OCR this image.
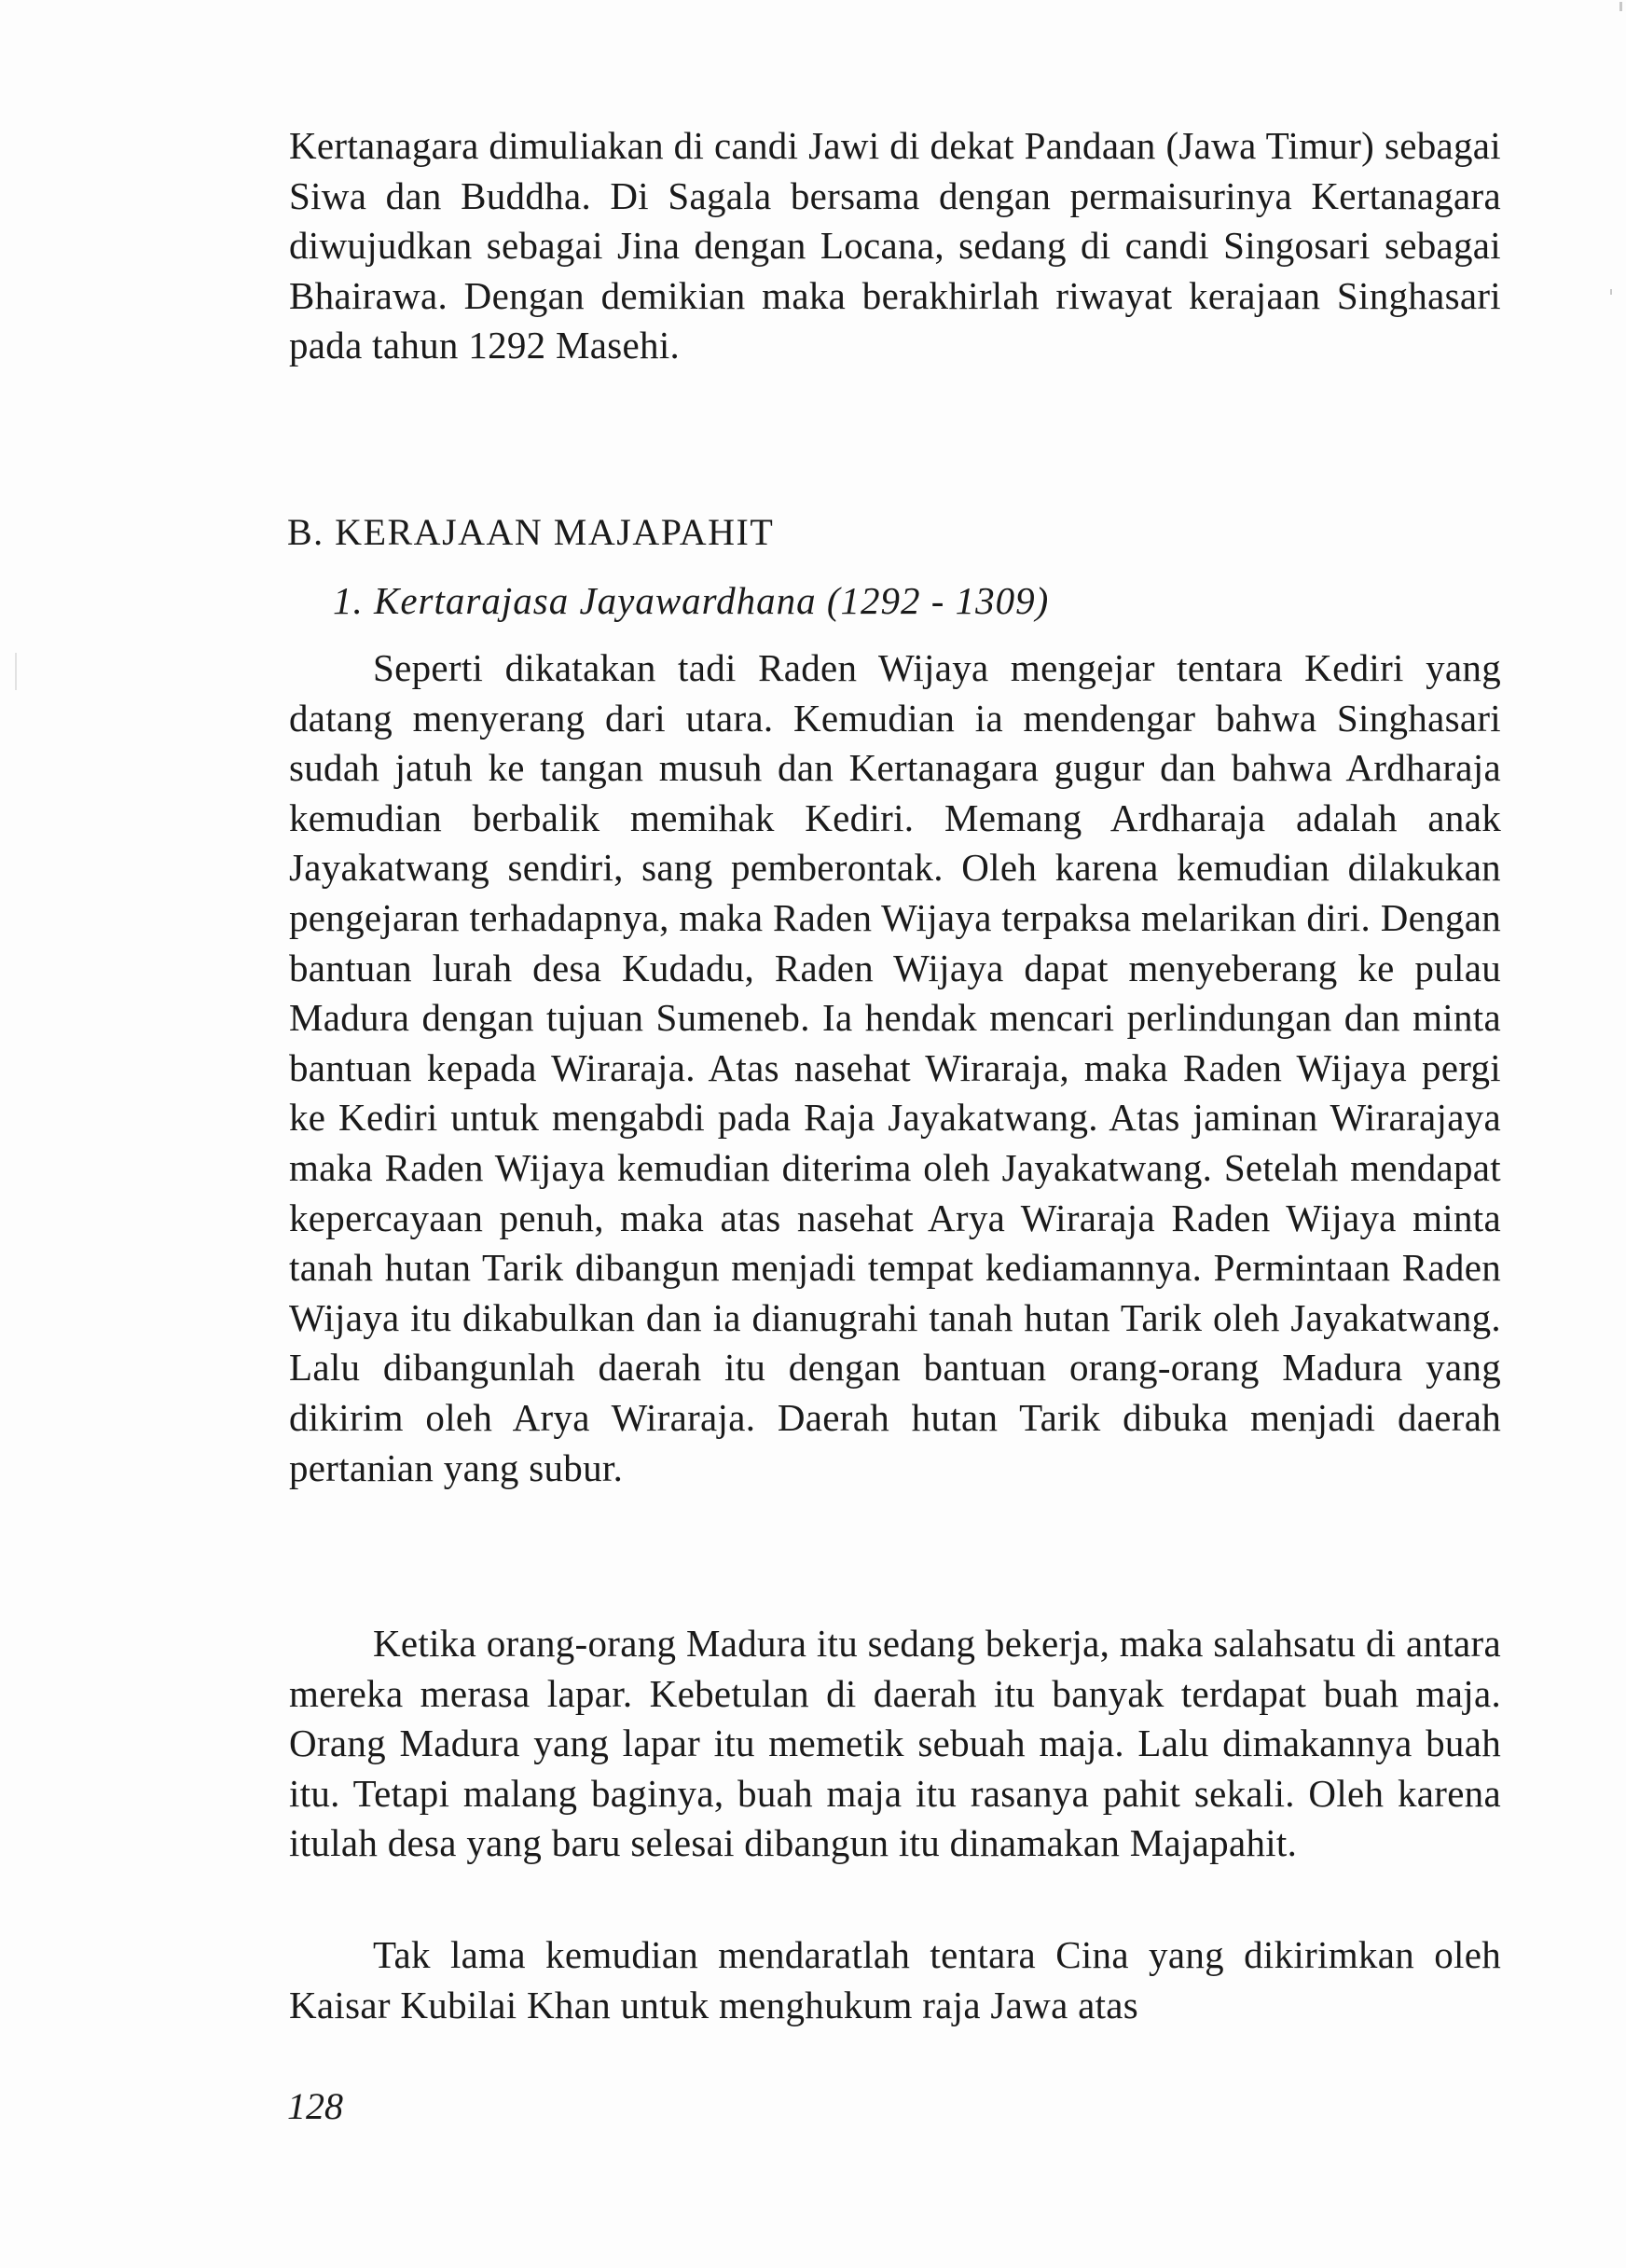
Kertanagara dimuliakan di candi Jawi di dekat Pandaan (Jawa Timur) sebagai Siwa dan Buddha. Di Sagala bersama dengan permaisurinya Kertanagara diwujudkan sebagai Jina dengan Locana, sedang di candi Singosari sebagai Bhairawa. Dengan demikian maka berakhirlah riwayat kerajaan Singhasari pada tahun 1292 Masehi.
B. KERAJAAN MAJAPAHIT
1. Kertarajasa Jayawardhana (1292 - 1309)
Seperti dikatakan tadi Raden Wijaya mengejar tentara Kediri yang datang menyerang dari utara. Kemudian ia mendengar bahwa Singhasari sudah jatuh ke tangan musuh dan Kertanagara gugur dan bahwa Ardharaja kemudian berbalik memihak Kediri. Memang Ardharaja adalah anak Jayakatwang sendiri, sang pemberontak. Oleh karena kemudian dilakukan pengejaran terhadapnya, maka Raden Wijaya terpaksa melarikan diri. Dengan bantuan lurah desa Kudadu, Raden Wijaya dapat menyeberang ke pulau Madura dengan tujuan Sumeneb. Ia hendak mencari perlindungan dan minta bantuan kepada Wiraraja. Atas nasehat Wiraraja, maka Raden Wijaya pergi ke Kediri untuk mengabdi pada Raja Jayakatwang. Atas jaminan Wirarajaya maka Raden Wijaya kemudian diterima oleh Jayakatwang. Setelah mendapat kepercayaan penuh, maka atas nasehat Arya Wiraraja Raden Wijaya minta tanah hutan Tarik dibangun menjadi tempat kediamannya. Permintaan Raden Wijaya itu dikabulkan dan ia dianugrahi tanah hutan Tarik oleh Jayakatwang. Lalu dibangunlah daerah itu dengan bantuan orang-orang Madura yang dikirim oleh Arya Wiraraja. Daerah hutan Tarik dibuka menjadi daerah pertanian yang subur.
Ketika orang-orang Madura itu sedang bekerja, maka salahsatu di antara mereka merasa lapar. Kebetulan di daerah itu banyak terdapat buah maja. Orang Madura yang lapar itu memetik sebuah maja. Lalu dimakannya buah itu. Tetapi malang baginya, buah maja itu rasanya pahit sekali. Oleh karena itulah desa yang baru selesai dibangun itu dinamakan Majapahit.
Tak lama kemudian mendaratlah tentara Cina yang dikirimkan oleh Kaisar Kubilai Khan untuk menghukum raja Jawa atas
128
